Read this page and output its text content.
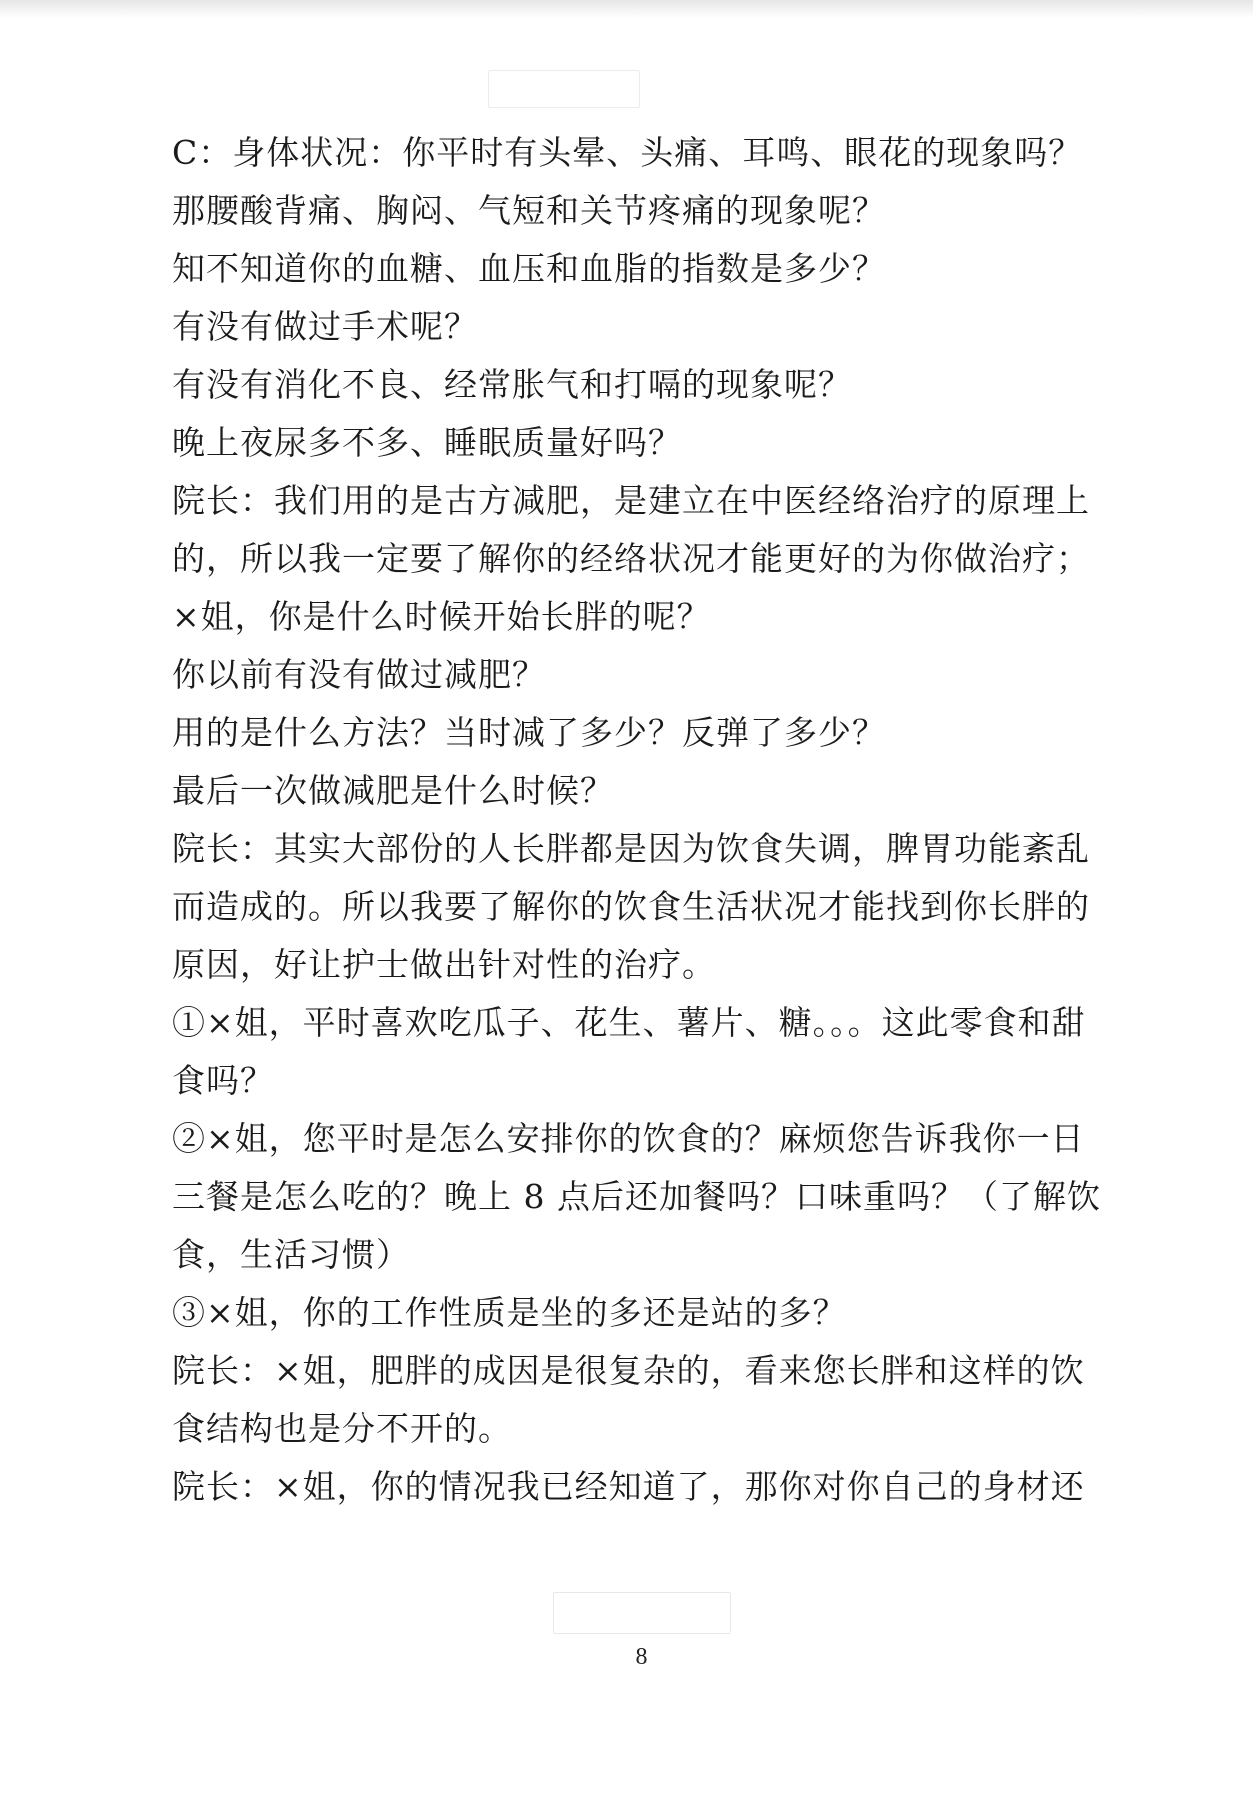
C：身体状况：你平时有头晕、头痛、耳鸣、眼花的现象吗？
那腰酸背痛、胸闷、气短和关节疼痛的现象呢？
知不知道你的血糖、血压和血脂的指数是多少？
有没有做过手术呢？
有没有消化不良、经常胀气和打嗝的现象呢？
晚上夜尿多不多、睡眠质量好吗？
院长：我们用的是古方减肥，是建立在中医经络治疗的原理上
的，所以我一定要了解你的经络状况才能更好的为你做治疗；
×姐，你是什么时候开始长胖的呢？
你以前有没有做过减肥？
用的是什么方法？当时减了多少？反弹了多少？
最后一次做减肥是什么时候？
院长：其实大部份的人长胖都是因为饮食失调，脾胃功能紊乱
而造成的。所以我要了解你的饮食生活状况才能找到你长胖的
原因，好让护士做出针对性的治疗。
①×姐，平时喜欢吃瓜子、花生、薯片、糖。。。这此零食和甜
食吗？
②×姐，您平时是怎么安排你的饮食的？麻烦您告诉我你一日
三餐是怎么吃的？晚上 8 点后还加餐吗？口味重吗？（了解饮
食，生活习惯）
③×姐，你的工作性质是坐的多还是站的多？
院长：×姐，肥胖的成因是很复杂的，看来您长胖和这样的饮
食结构也是分不开的。
院长：×姐，你的情况我已经知道了，那你对你自己的身材还
8
